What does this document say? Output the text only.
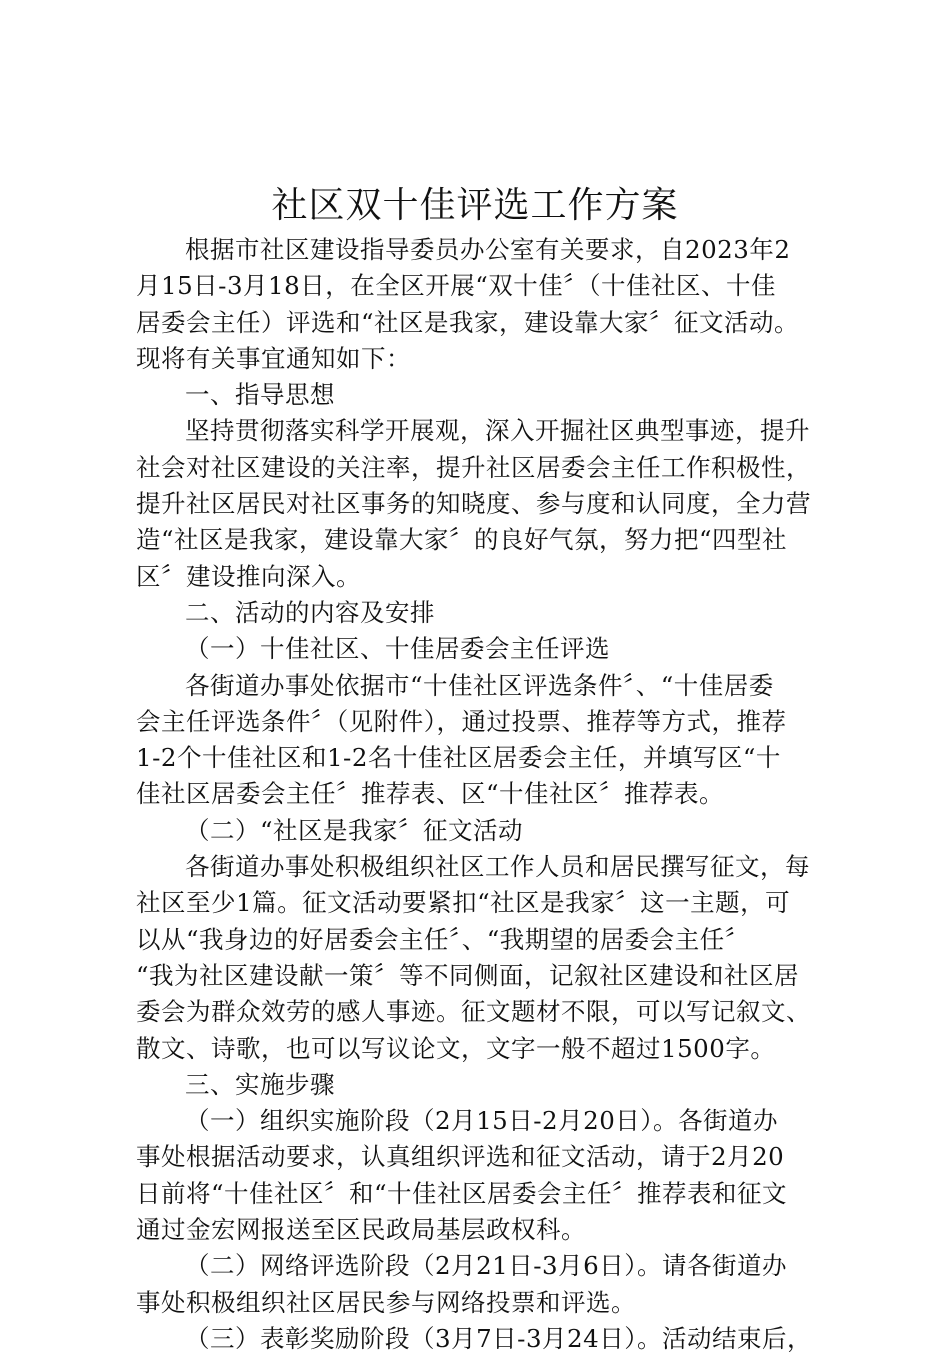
社区双十佳评选工作方案
根据市社区建设指导委员办公室有关要求，自2023年2
月15日-3月18日，在全区开展“双十佳〞（十佳社区、十佳
居委会主任）评选和“社区是我家，建设靠大家〞征文活动。
现将有关事宜通知如下：
一、指导思想
坚持贯彻落实科学开展观，深入开掘社区典型事迹，提升
社会对社区建设的关注率，提升社区居委会主任工作积极性，
提升社区居民对社区事务的知晓度、参与度和认同度，全力营
造“社区是我家，建设靠大家〞的良好气氛，努力把“四型社
区〞建设推向深入。
二、活动的内容及安排
（一）十佳社区、十佳居委会主任评选
各街道办事处依据市“十佳社区评选条件〞、“十佳居委
会主任评选条件〞（见附件），通过投票、推荐等方式，推荐
1-2个十佳社区和1-2名十佳社区居委会主任，并填写区“十
佳社区居委会主任〞推荐表、区“十佳社区〞推荐表。
（二）“社区是我家〞征文活动
各街道办事处积极组织社区工作人员和居民撰写征文，每
社区至少1篇。征文活动要紧扣“社区是我家〞这一主题，可
以从“我身边的好居委会主任〞、“我期望的居委会主任〞
“我为社区建设献一策〞等不同侧面，记叙社区建设和社区居
委会为群众效劳的感人事迹。征文题材不限，可以写记叙文、
散文、诗歌，也可以写议论文，文字一般不超过1500字。
三、实施步骤
（一）组织实施阶段（2月15日-2月20日）。各街道办
事处根据活动要求，认真组织评选和征文活动，请于2月20
日前将“十佳社区〞和“十佳社区居委会主任〞推荐表和征文
通过金宏网报送至区民政局基层政权科。
（二）网络评选阶段（2月21日-3月6日）。请各街道办
事处积极组织社区居民参与网络投票和评选。
（三）表彰奖励阶段（3月7日-3月24日）。活动结束后，
